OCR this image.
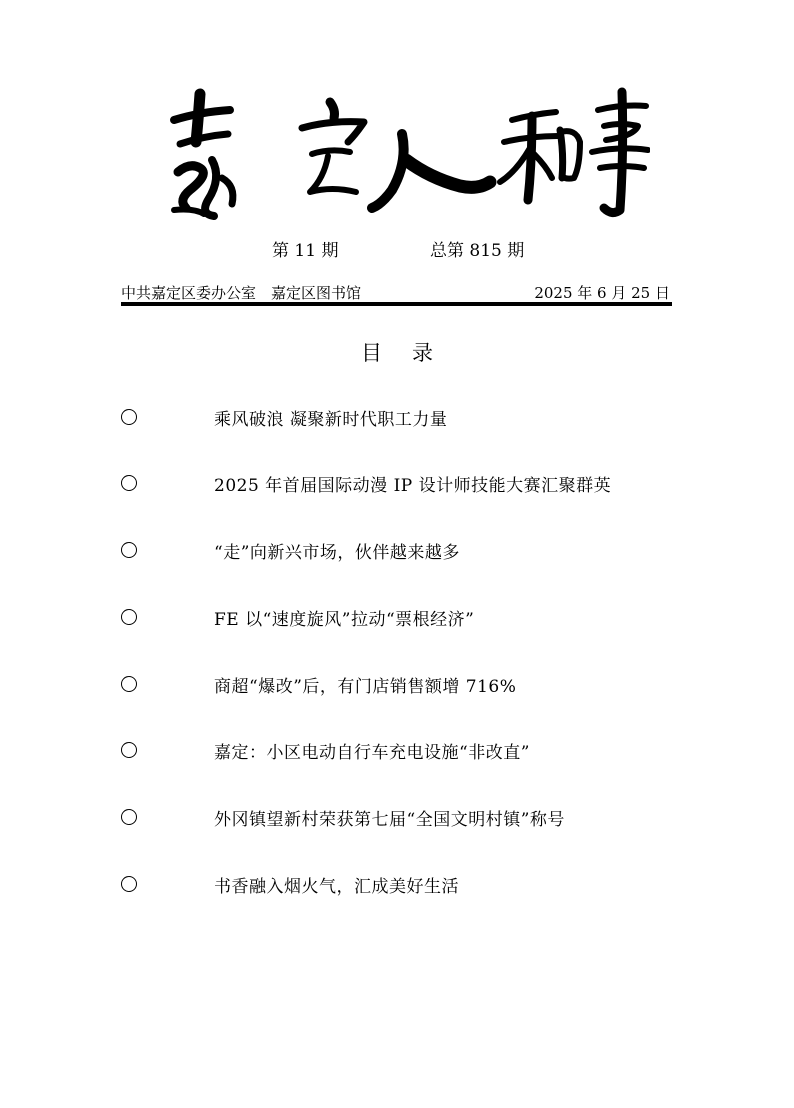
第 11 期	总第 815 期
中共嘉定区委办公室　嘉定区图书馆	2025 年 6 月 25 日
目录
乘风破浪 凝聚新时代职工力量
2025 年首届国际动漫 IP 设计师技能大赛汇聚群英
“走”向新兴市场，伙伴越来越多
FE 以“速度旋风”拉动“票根经济”
商超“爆改”后，有门店销售额增 716%
嘉定：小区电动自行车充电设施“非改直”
外冈镇望新村荣获第七届“全国文明村镇”称号
书香融入烟火气，汇成美好生活
